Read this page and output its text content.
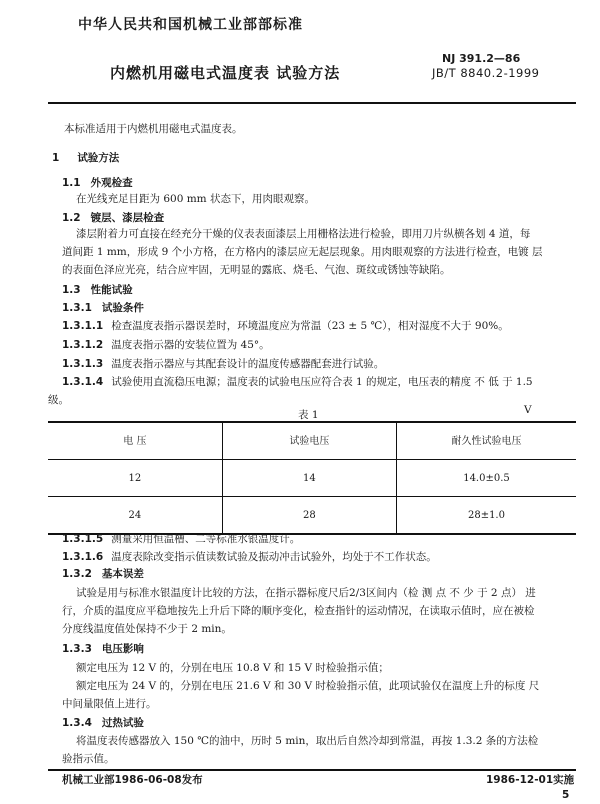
中华人民共和国机械工业部部标准
NJ 391.2—86
内燃机用磁电式温度表 试验方法	JB/T 8840.2-1999
本标准适用于内燃机用磁电式温度表。
1 试验方法
1.1 外观检查
在光线充足目距为 600 mm 状态下，用肉眼观察。
1.2 镀层、漆层检查
漆层附着力可直接在经充分干燥的仪表表面漆层上用栅格法进行检验，即用刀片纵横各划 4 道，每
道间距 1 mm，形成 9 个小方格，在方格内的漆层应无起层现象。用肉眼观察的方法进行检查，电镀 层
的表面色泽应光亮，结合应牢固，无明显的露底、烧毛、气泡、斑纹或锈蚀等缺陷。
1.3 性能试验
1.3.1 试验条件
1.3.1.1 检查温度表指示器误差时，环境温度应为常温（23 ± 5 ℃），相对湿度不大于 90%。
1.3.1.2 温度表指示器的安装位置为 45°。
1.3.1.3 温度表指示器应与其配套设计的温度传感器配套进行试验。
1.3.1.4 试验使用直流稳压电源；温度表的试验电压应符合表 1 的规定，电压表的精度 不 低 于 1.5
级。
表 1	V
电 压	试验电压	耐久性试验电压
12	14	14.0±0.5
24	28	28±1.0
1.3.1.5 测量采用恒温槽、二等标准水银温度计。
1.3.1.6 温度表除改变指示值读数试验及振动冲击试验外，均处于不工作状态。
1.3.2 基本误差
试验是用与标准水银温度计比较的方法，在指示器标度尺后2/3区间内（检 测 点 不 少 于 2 点） 进
行，介质的温度应平稳地按先上升后下降的顺序变化，检查指针的运动情况，在读取示值时，应在被检
分度线温度值处保持不少于 2 min。
1.3.3 电压影响
额定电压为 12 V 的，分别在电压 10.8 V 和 15 V 时检验指示值；
额定电压为 24 V 的，分别在电压 21.6 V 和 30 V 时检验指示值，此项试验仅在温度上升的标度 尺
中间量限值上进行。
1.3.4 过热试验
将温度表传感器放入 150 ℃的油中，历时 5 min，取出后自然冷却到常温，再按 1.3.2 条的方法检
验指示值。
机械工业部1986-06-08发布	1986-12-01实施
5
